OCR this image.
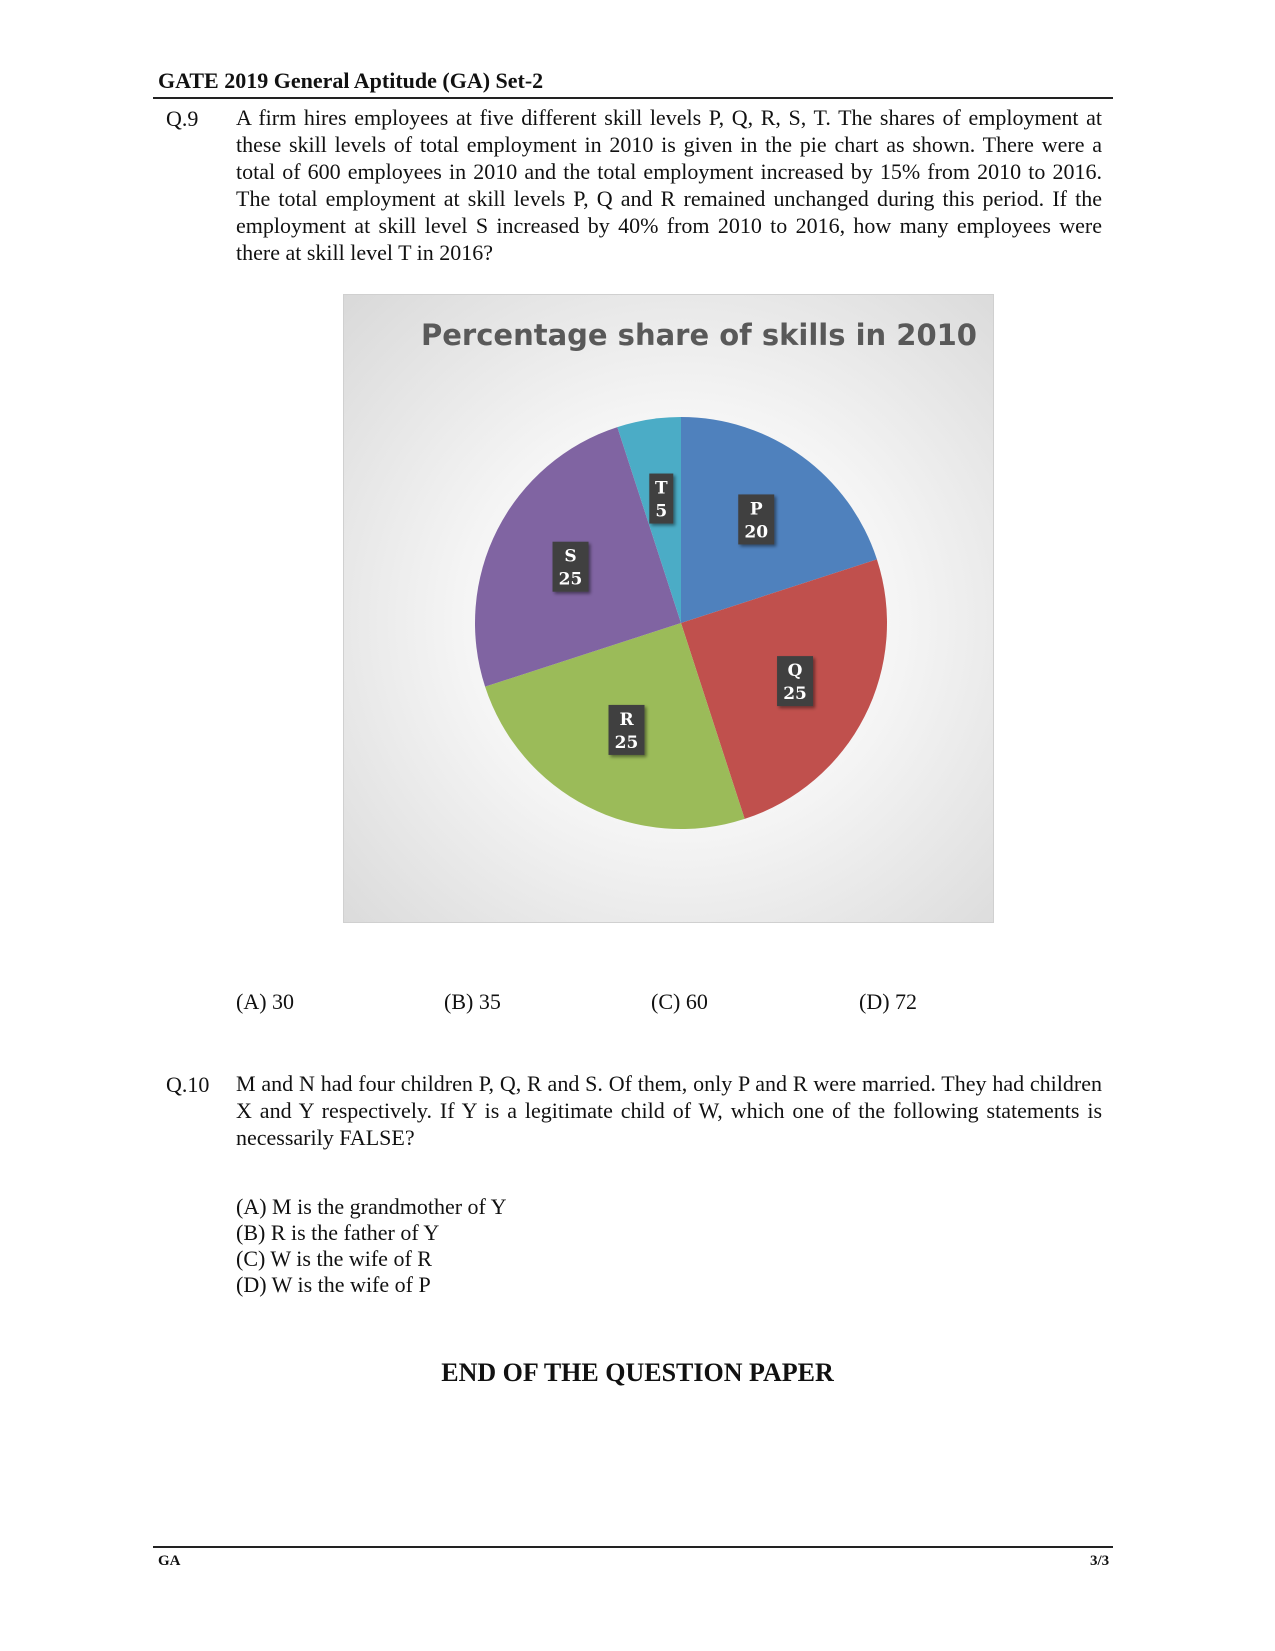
GATE 2019 General Aptitude (GA) Set-2
Q.9 A firm hires employees at five different skill levels P, Q, R, S, T. The shares of employment at these skill levels of total employment in 2010 is given in the pie chart as shown. There were a total of 600 employees in 2010 and the total employment increased by 15% from 2010 to 2016. The total employment at skill levels P, Q and R remained unchanged during this period. If the employment at skill level S increased by 40% from 2010 to 2016, how many employees were there at skill level T in 2016?

Percentage share of skills in 2010
P
20
Q
25
R
25
S
25
T
5
(A) 30	(B) 35	(C) 60	(D) 72
Q.10 M and N had four children P, Q, R and S. Of them, only P and R were married. They had children X and Y respectively. If Y is a legitimate child of W, which one of the following statements is necessarily FALSE?

(A) M is the grandmother of Y
(B) R is the father of Y
(C) W is the wife of R
(D) W is the wife of P
END OF THE QUESTION PAPER
GA	3/3
